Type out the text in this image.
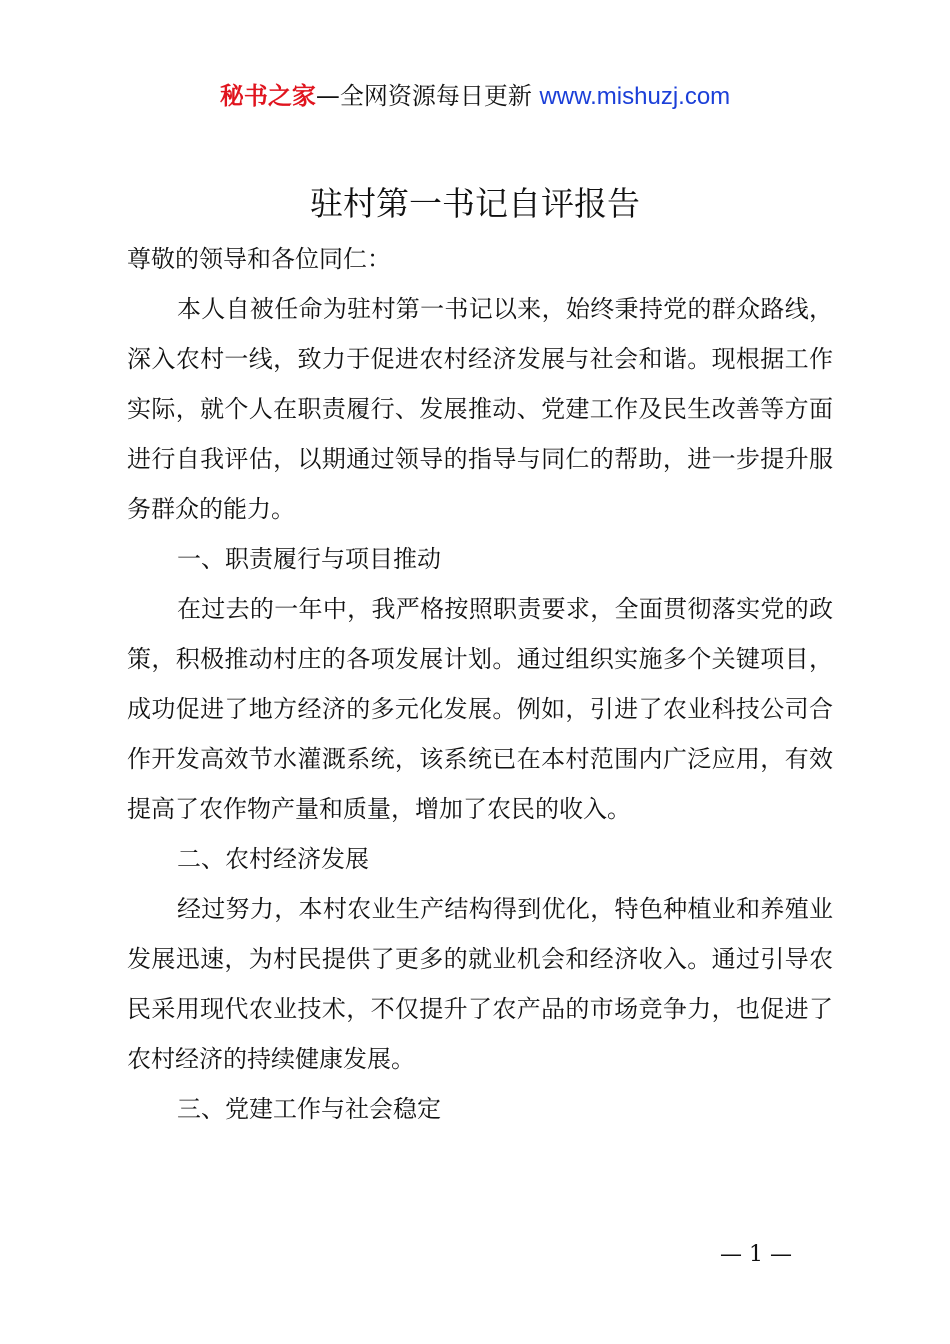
秘书之家—全网资源每日更新 www.mishuzj.com
驻村第一书记自评报告

尊敬的领导和各位同仁：

本人自被任命为驻村第一书记以来，始终秉持党的群众路线，深入农村一线，致力于促进农村经济发展与社会和谐。现根据工作实际，就个人在职责履行、发展推动、党建工作及民生改善等方面进行自我评估，以期通过领导的指导与同仁的帮助，进一步提升服务群众的能力。

一、职责履行与项目推动

在过去的一年中，我严格按照职责要求，全面贯彻落实党的政策，积极推动村庄的各项发展计划。通过组织实施多个关键项目，成功促进了地方经济的多元化发展。例如，引进了农业科技公司合作开发高效节水灌溉系统，该系统已在本村范围内广泛应用，有效提高了农作物产量和质量，增加了农民的收入。

二、农村经济发展

经过努力，本村农业生产结构得到优化，特色种植业和养殖业发展迅速，为村民提供了更多的就业机会和经济收入。通过引导农民采用现代农业技术，不仅提升了农产品的市场竞争力，也促进了农村经济的持续健康发展。

三、党建工作与社会稳定

— 1 —
